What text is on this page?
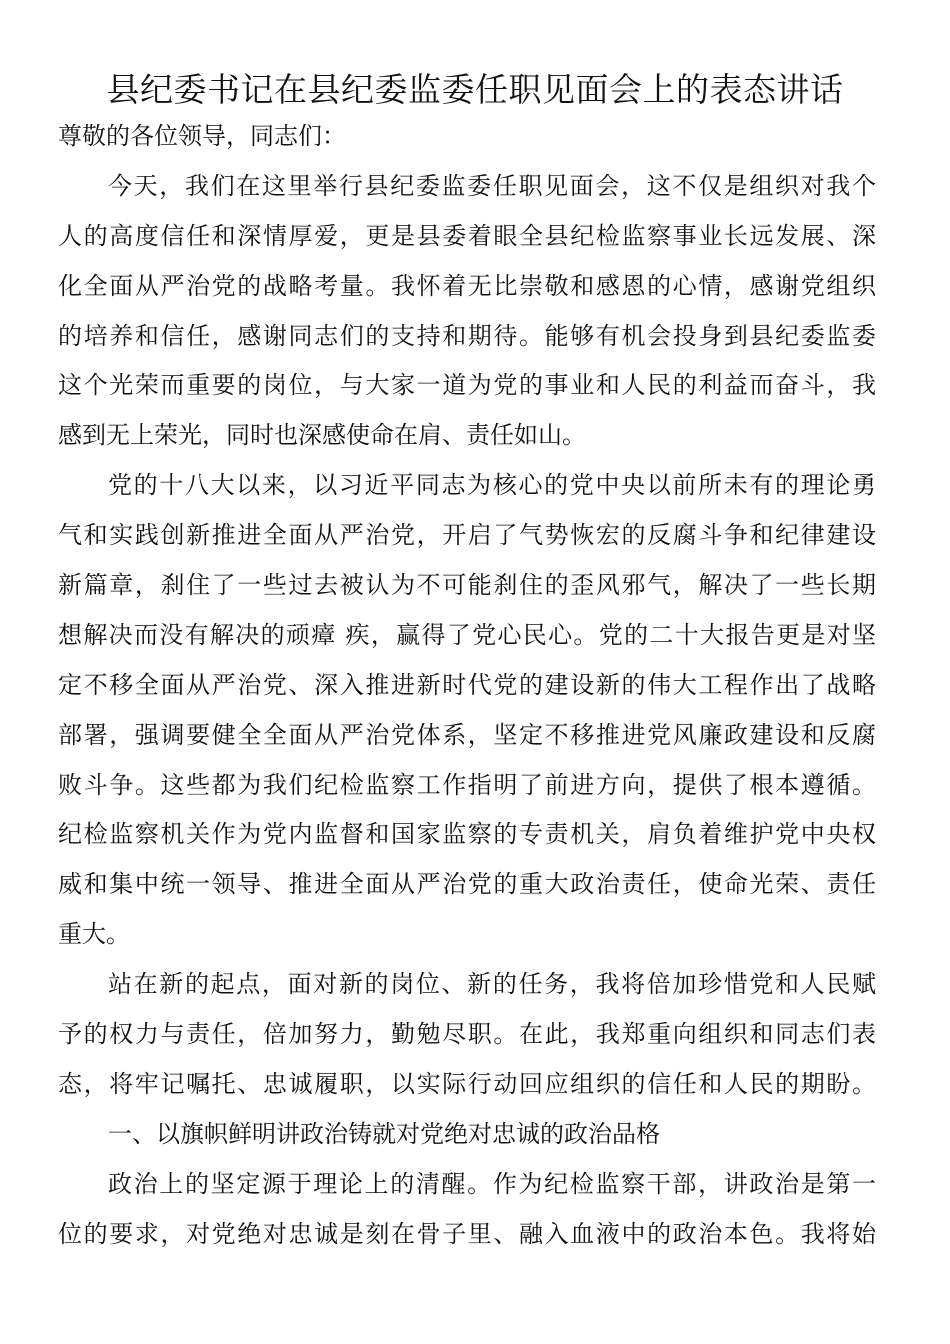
县纪委书记在县纪委监委任职见面会上的表态讲话
尊敬的各位领导，同志们：
今天，我们在这里举行县纪委监委任职见面会，这不仅是组织对我个
人的高度信任和深情厚爱，更是县委着眼全县纪检监察事业长远发展、深
化全面从严治党的战略考量。我怀着无比崇敬和感恩的心情，感谢党组织
的培养和信任，感谢同志们的支持和期待。能够有机会投身到县纪委监委
这个光荣而重要的岗位，与大家一道为党的事业和人民的利益而奋斗，我
感到无上荣光，同时也深感使命在肩、责任如山。
党的十八大以来，以习近平同志为核心的党中央以前所未有的理论勇
气和实践创新推进全面从严治党，开启了气势恢宏的反腐斗争和纪律建设
新篇章，刹住了一些过去被认为不可能刹住的歪风邪气，解决了一些长期
想解决而没有解决的顽瘴 疾，赢得了党心民心。党的二十大报告更是对坚
定不移全面从严治党、深入推进新时代党的建设新的伟大工程作出了战略
部署，强调要健全全面从严治党体系，坚定不移推进党风廉政建设和反腐
败斗争。这些都为我们纪检监察工作指明了前进方向，提供了根本遵循。
纪检监察机关作为党内监督和国家监察的专责机关，肩负着维护党中央权
威和集中统一领导、推进全面从严治党的重大政治责任，使命光荣、责任
重大。
站在新的起点，面对新的岗位、新的任务，我将倍加珍惜党和人民赋
予的权力与责任，倍加努力，勤勉尽职。在此，我郑重向组织和同志们表
态，将牢记嘱托、忠诚履职，以实际行动回应组织的信任和人民的期盼。
一、以旗帜鲜明讲政治铸就对党绝对忠诚的政治品格
政治上的坚定源于理论上的清醒。作为纪检监察干部，讲政治是第一
位的要求，对党绝对忠诚是刻在骨子里、融入血液中的政治本色。我将始
